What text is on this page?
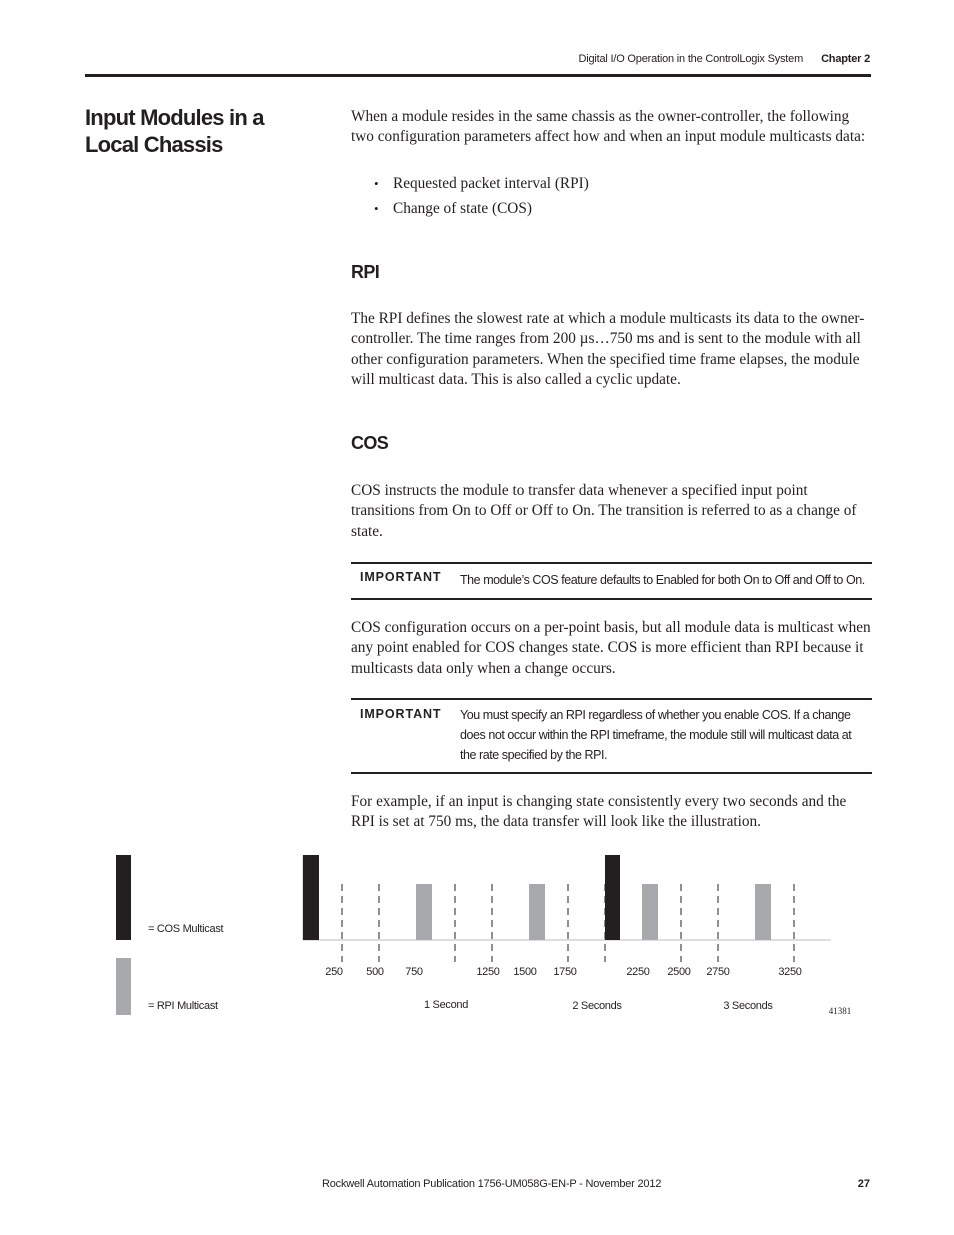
Digital I/O Operation in the ControlLogix System Chapter 2
Input Modules in a
Local Chassis

When a module resides in the same chassis as the owner-controller, the following two configuration parameters affect how and when an input module multicasts data:

• Requested packet interval (RPI)
• Change of state (COS)
RPI

The RPI defines the slowest rate at which a module multicasts its data to the owner-controller. The time ranges from 200 µs…750 ms and is sent to the module with all other configuration parameters. When the specified time frame elapses, the module will multicast data. This is also called a cyclic update.

COS

COS instructs the module to transfer data whenever a specified input point transitions from On to Off or Off to On. The transition is referred to as a change of state.

IMPORTANT The module’s COS feature defaults to Enabled for both On to Off and Off to On.

COS configuration occurs on a per-point basis, but all module data is multicast when any point enabled for COS changes state. COS is more efficient than RPI because it multicasts data only when a change occurs.

IMPORTANT You must specify an RPI regardless of whether you enable COS. If a change does not occur within the RPI timeframe, the module still will multicast data at the rate specified by the RPI.

For example, if an input is changing state consistently every two seconds and the RPI is set at 750 ms, the data transfer will look like the illustration.

= COS Multicast
= RPI Multicast
250 500 750	1250 1500 1750	2250 2500 2750	3250
1 Second	2 Seconds	3 Seconds	41381
Rockwell Automation Publication 1756-UM058G-EN-P - November 2012	27
